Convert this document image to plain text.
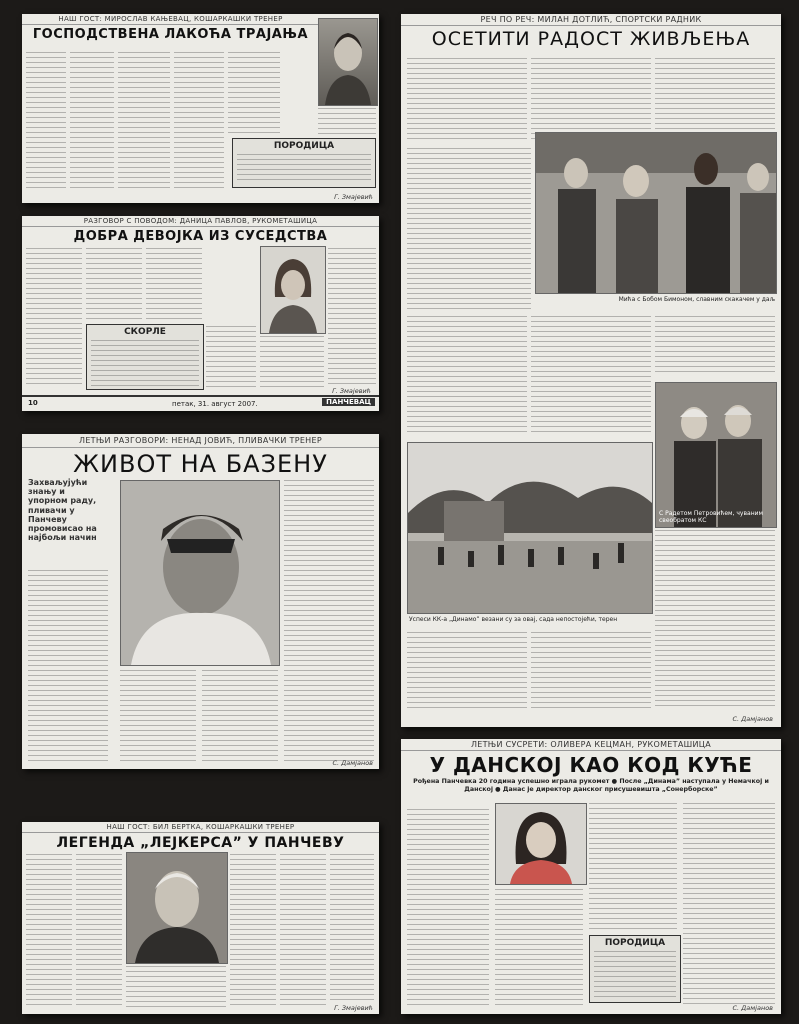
НАШ ГОСТ: МИРОСЛАВ КАЊЕВАЦ, КОШАРКАШКИ ТРЕНЕР
ГОСПОДСТВЕНА ЛАКОЋА ТРАЈАЊА
ПОРОДИЦА
Г. Змајевић
РАЗГОВОР С ПОВОДОМ: ДАНИЦА ПАВЛОВ, РУКОМЕТАШИЦА
ДОБРА ДЕВОЈКА ИЗ СУСЕДСТВА
СКОРЛЕ
10	петак, 31. август 2007.	ПАНЧЕВАЦ
Г. Змајевић
ЛЕТЊИ РАЗГОВОРИ: НЕНАД ЈОВИЋ, ПЛИВАЧКИ ТРЕНЕР
ЖИВОТ НА БАЗЕНУ
Захваљујући знању и упорном раду, пливачи у Панчеву промовисао на најбољи начин
С. Дамјанов
РЕЧ ПО РЕЧ: МИЛАН ДОТЛИЋ, СПОРТСКИ РАДНИК
ОСЕТИТИ РАДОСТ ЖИВЉЕЊА
Мића с Бобом Бимоном, славним скакачем у даљ
С Радетом Петровићем, чуваним свеобратом КС
Успеси КК-а „Динамо” везани су за овај, сада непостојећи, терен
С. Дамјанов
ЛЕТЊИ СУСРЕТИ: ОЛИВЕРА КЕЦМАН, РУКОМЕТАШИЦА
У ДАНСКОЈ КАО КОД КУЋЕ
Рођена Панчевка 20 година успешно играла рукомет ● После „Динама” наступала у Немачкој и Данској ● Данас је директор данског присушевишта „Сонерборске”
ПОРОДИЦА
С. Дамјанов
НАШ ГОСТ: БИЛ БЕРТКА, КОШАРКАШКИ ТРЕНЕР
ЛЕГЕНДА „ЛЕЈКЕРСА” У ПАНЧЕВУ
Г. Змајевић
